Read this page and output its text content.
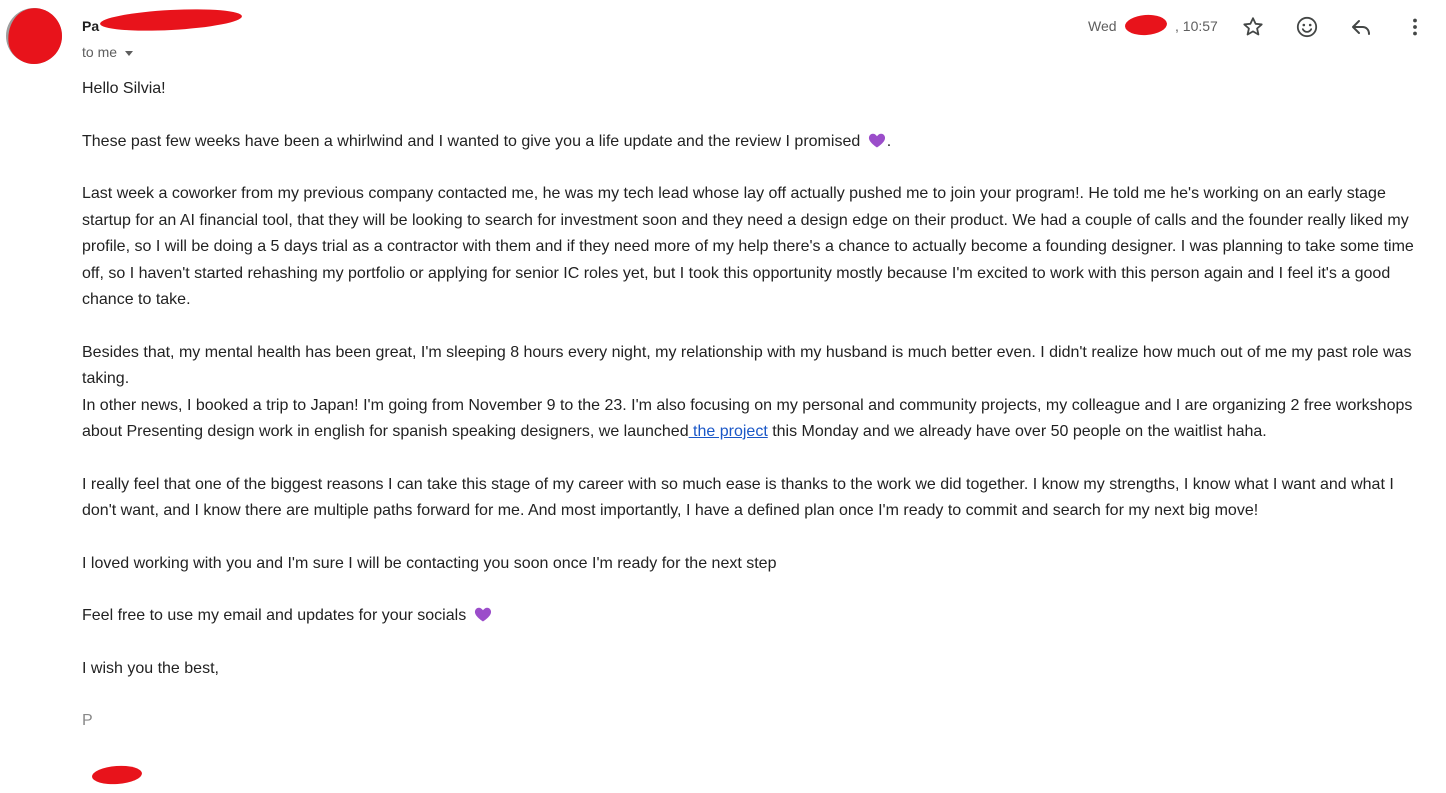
Pa
to me
Wed	, 10:57

Hello Silvia!

These past few weeks have been a whirlwind and I wanted to give you a life update and the review I promised .

Last week a coworker from my previous company contacted me, he was my tech lead whose lay off actually pushed me to join your program!. He told me he's working on an early stage startup for an AI financial tool, that they will be looking to search for investment soon and they need a design edge on their product. We had a couple of calls and the founder really liked my profile, so I will be doing a 5 days trial as a contractor with them and if they need more of my help there's a chance to actually become a founding designer. I was planning to take some time off, so I haven't started rehashing my portfolio or applying for senior IC roles yet, but I took this opportunity mostly because I'm excited to work with this person again and I feel it's a good chance to take.

Besides that, my mental health has been great, I'm sleeping 8 hours every night, my relationship with my husband is much better even. I didn't realize how much out of me my past role was taking.

In other news, I booked a trip to Japan! I'm going from November 9 to the 23. I'm also focusing on my personal and community projects, my colleague and I are organizing 2 free workshops about Presenting design work in english for spanish speaking designers, we launched the project this Monday and we already have over 50 people on the waitlist haha.

I really feel that one of the biggest reasons I can take this stage of my career with so much ease is thanks to the work we did together. I know my strengths, I know what I want and what I don't want, and I know there are multiple paths forward for me. And most importantly, I have a defined plan once I'm ready to commit and search for my next big move!

I loved working with you and I'm sure I will be contacting you soon once I'm ready for the next step

Feel free to use my email and updates for your socials

I wish you the best,

P
